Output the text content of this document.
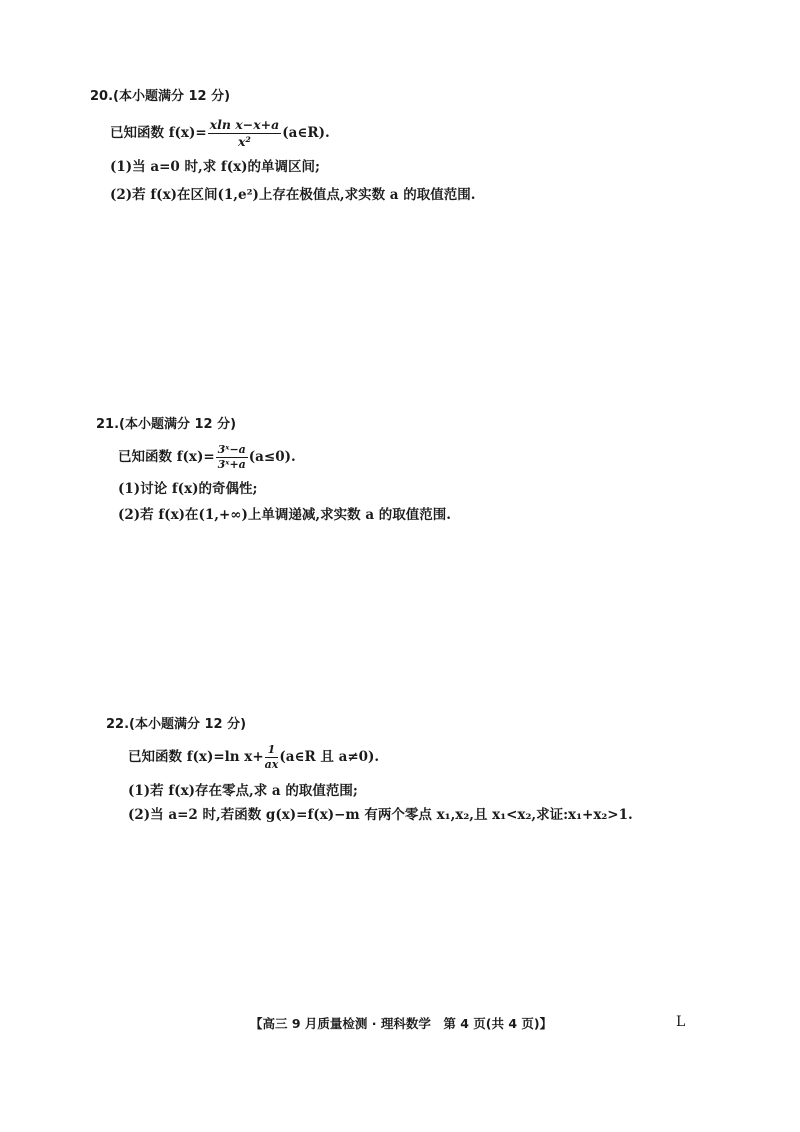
20.(本小题满分 12 分)
已知函数 $f(x)= \frac{\text{xln x−x+a}}{\text{x²}}$ (a∈R).
(1)当 a=0 时,求 f(x)的单调区间;
(2)若 f(x)在区间(1,e²)上存在极值点,求实数 a 的取值范围.
21.(本小题满分 12 分)
已知函数 $f(x)= \frac{\text{3ˣ−a}}{\text{3ˣ+a}} (a\le 0)$.
(1)讨论 f(x)的奇偶性;
(2)若 f(x)在(1,+∞)上单调递减,求实数 a 的取值范围.
22.(本小题满分 12 分)
已知函数 f(x)=ln $x+ \frac{1}{ax}$ (a∈R 且 a≠0).
(1)若 f(x)存在零点,求 a 的取值范围;
(2)当 a=2 时,若函数 g(x)=f(x)−m 有两个零点 x₁,x₂,且 x₁<x₂,求证:x₁+x₂>1.
【高三 9 月质量检测 · 理科数学　第 4 页(共 4 页)】	L
